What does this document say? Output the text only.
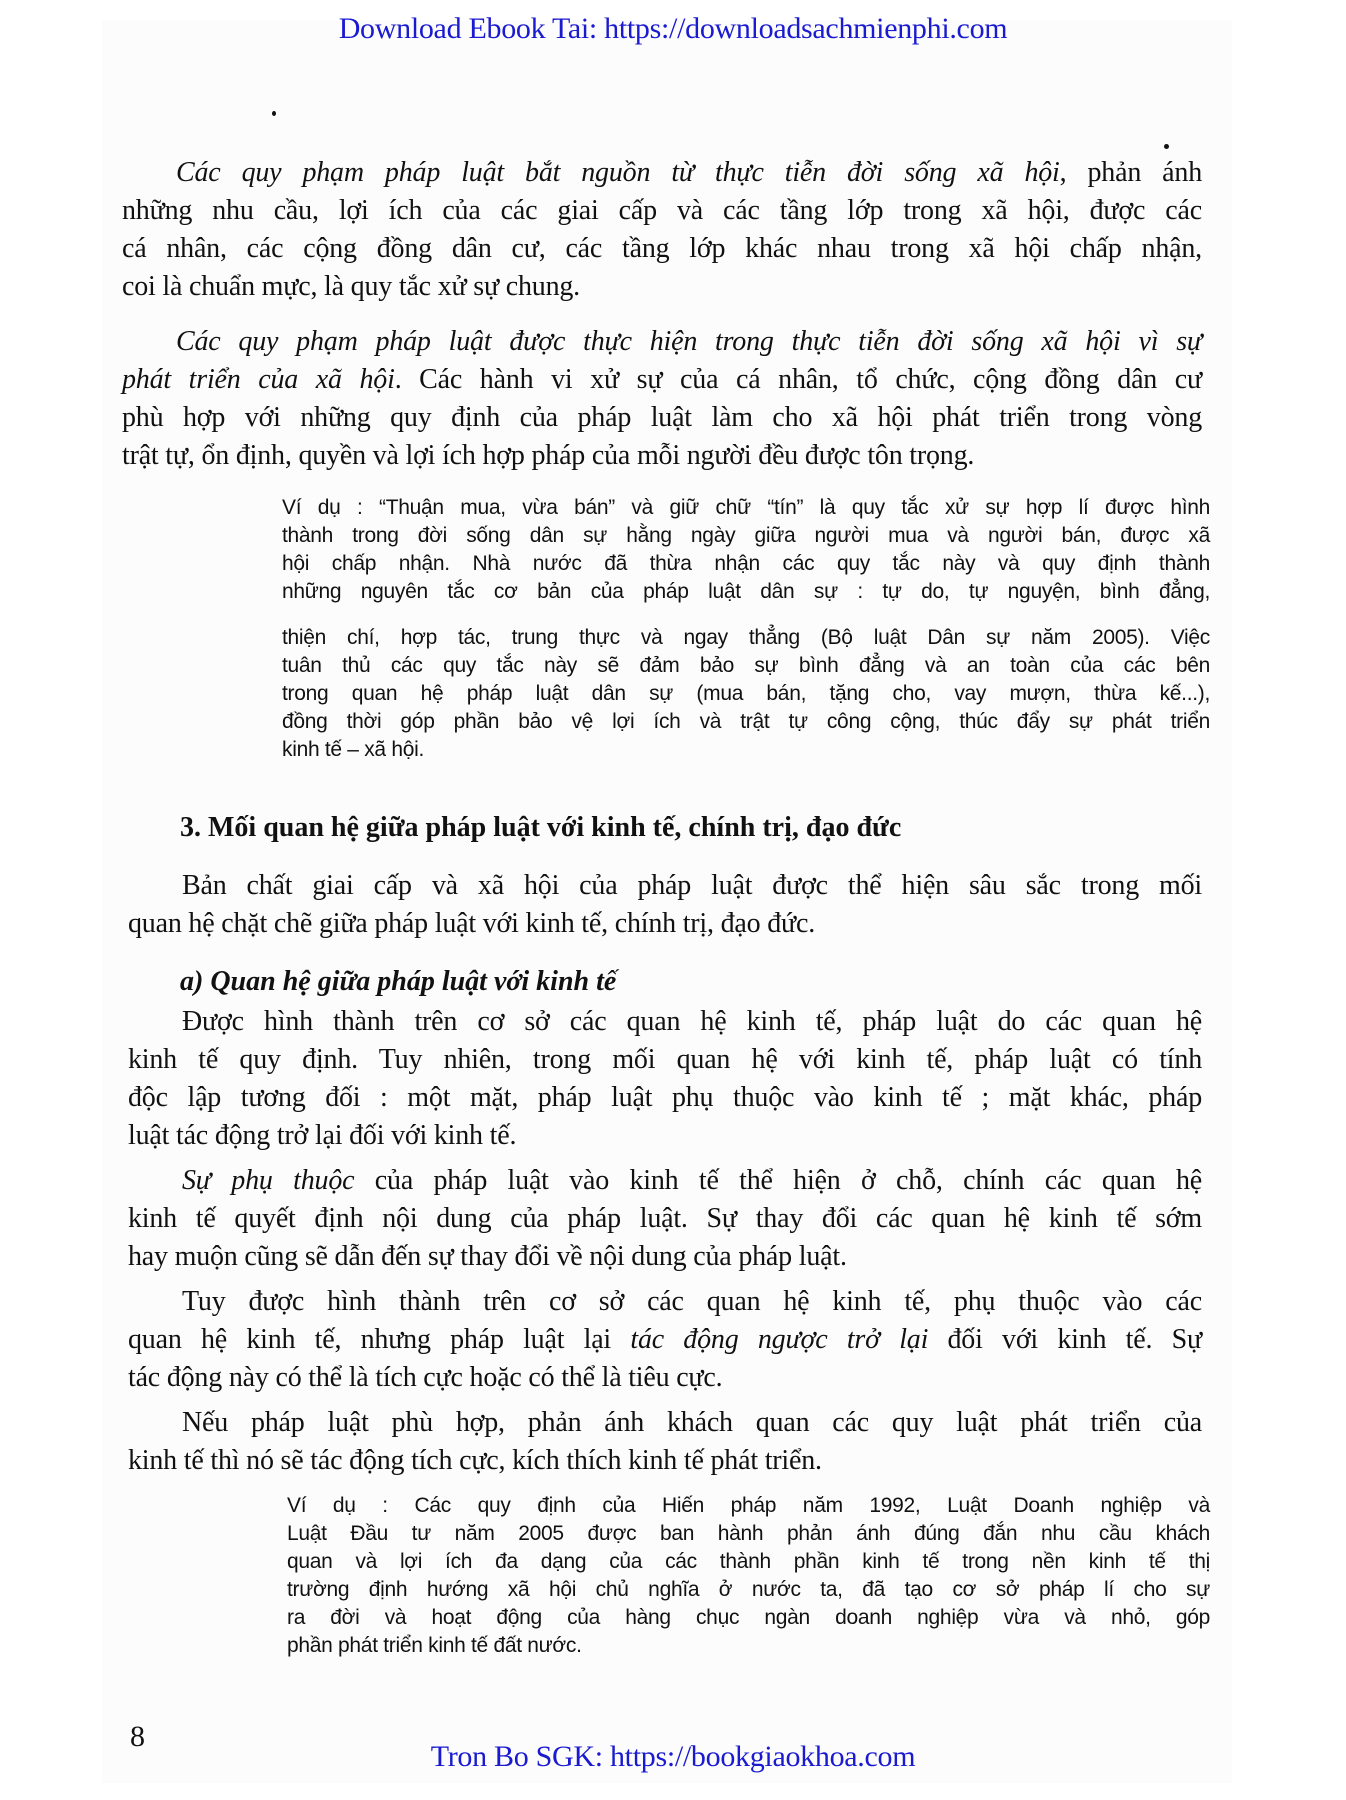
Download Ebook Tai: https://downloadsachmienphi.com
Các quy phạm pháp luật bắt nguồn từ thực tiễn đời sống xã hội, phản ánh
những nhu cầu, lợi ích của các giai cấp và các tầng lớp trong xã hội, được các
cá nhân, các cộng đồng dân cư, các tầng lớp khác nhau trong xã hội chấp nhận,
coi là chuẩn mực, là quy tắc xử sự chung.
Các quy phạm pháp luật được thực hiện trong thực tiễn đời sống xã hội vì sự
phát triển của xã hội. Các hành vi xử sự của cá nhân, tổ chức, cộng đồng dân cư
phù hợp với những quy định của pháp luật làm cho xã hội phát triển trong vòng
trật tự, ổn định, quyền và lợi ích hợp pháp của mỗi người đều được tôn trọng.
Ví dụ : “Thuận mua, vừa bán” và giữ chữ “tín” là quy tắc xử sự hợp lí được hình
thành trong đời sống dân sự hằng ngày giữa người mua và người bán, được xã
hội chấp nhận. Nhà nước đã thừa nhận các quy tắc này và quy định thành
những nguyên tắc cơ bản của pháp luật dân sự : tự do, tự nguyện, bình đẳng,
thiện chí, hợp tác, trung thực và ngay thẳng (Bộ luật Dân sự năm 2005). Việc
tuân thủ các quy tắc này sẽ đảm bảo sự bình đẳng và an toàn của các bên
trong quan hệ pháp luật dân sự (mua bán, tặng cho, vay mượn, thừa kế...),
đồng thời góp phần bảo vệ lợi ích và trật tự công cộng, thúc đẩy sự phát triển
kinh tế – xã hội.
3. Mối quan hệ giữa pháp luật với kinh tế, chính trị, đạo đức
Bản chất giai cấp và xã hội của pháp luật được thể hiện sâu sắc trong mối
quan hệ chặt chẽ giữa pháp luật với kinh tế, chính trị, đạo đức.
a) Quan hệ giữa pháp luật với kinh tế
Được hình thành trên cơ sở các quan hệ kinh tế, pháp luật do các quan hệ
kinh tế quy định. Tuy nhiên, trong mối quan hệ với kinh tế, pháp luật có tính
độc lập tương đối : một mặt, pháp luật phụ thuộc vào kinh tế ; mặt khác, pháp
luật tác động trở lại đối với kinh tế.
Sự phụ thuộc của pháp luật vào kinh tế thể hiện ở chỗ, chính các quan hệ
kinh tế quyết định nội dung của pháp luật. Sự thay đổi các quan hệ kinh tế sớm
hay muộn cũng sẽ dẫn đến sự thay đổi về nội dung của pháp luật.
Tuy được hình thành trên cơ sở các quan hệ kinh tế, phụ thuộc vào các
quan hệ kinh tế, nhưng pháp luật lại tác động ngược trở lại đối với kinh tế. Sự
tác động này có thể là tích cực hoặc có thể là tiêu cực.
Nếu pháp luật phù hợp, phản ánh khách quan các quy luật phát triển của
kinh tế thì nó sẽ tác động tích cực, kích thích kinh tế phát triển.
Ví dụ : Các quy định của Hiến pháp năm 1992, Luật Doanh nghiệp và
Luật Đầu tư năm 2005 được ban hành phản ánh đúng đắn nhu cầu khách
quan và lợi ích đa dạng của các thành phần kinh tế trong nền kinh tế thị
trường định hướng xã hội chủ nghĩa ở nước ta, đã tạo cơ sở pháp lí cho sự
ra đời và hoạt động của hàng chục ngàn doanh nghiệp vừa và nhỏ, góp
phần phát triển kinh tế đất nước.
8
Tron Bo SGK: https://bookgiaokhoa.com
